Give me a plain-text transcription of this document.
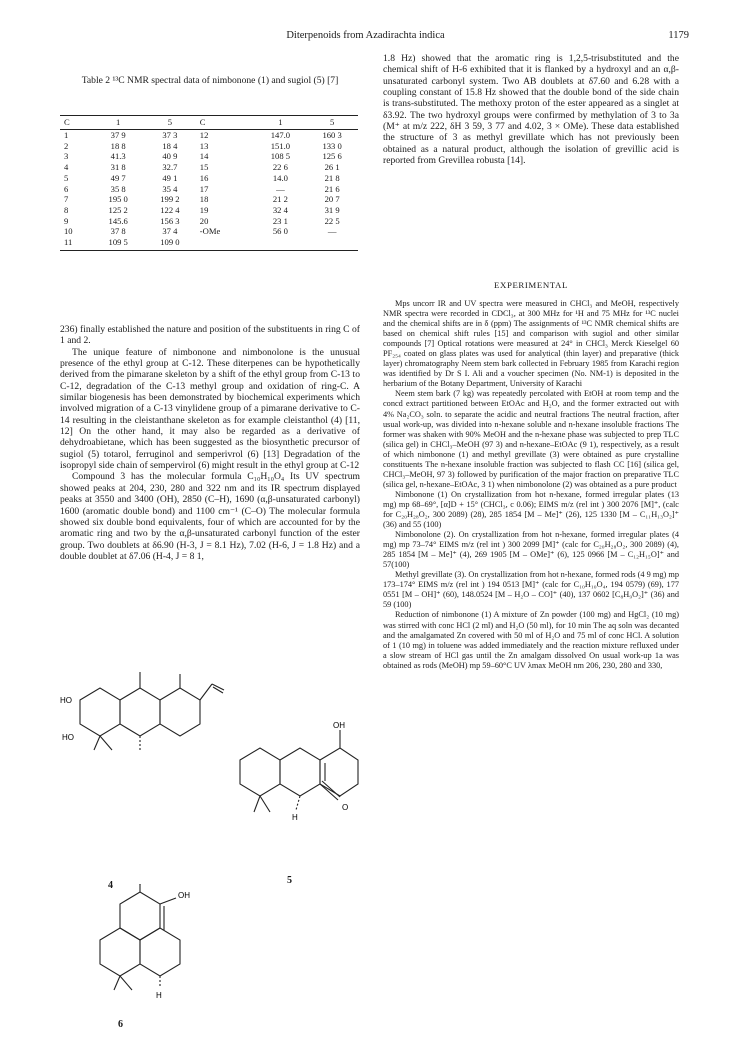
Diterpenoids from Azadirachta indica	1179
Table 2 ¹³C NMR spectral data of nimbonone (1) and sugiol (5) [7]
C	1	5	C	1	5
1	37 9	37 3	12	147.0	160 3
2	18 8	18 4	13	151.0	133 0
3	41.3	40 9	14	108 5	125 6
4	31 8	32.7	15	22 6	26 1
5	49 7	49 1	16	14.0	21 8
6	35 8	35 4	17	—	21 6
7	195 0	199 2	18	21 2	20 7
8	125 2	122 4	19	32 4	31 9
9	145.6	156 3	20	23 1	22 5
10	37 8	37 4	-OMe	56 0	—
11	109 5	109 0			

236) finally established the nature and position of the substituents in ring C of 1 and 2.

The unique feature of nimbonone and nimbonolone is the unusual presence of the ethyl group at C-12. These diterpenes can be hypothetically derived from the pimarane skeleton by a shift of the ethyl group from C-13 to C-12, degradation of the C-13 methyl group and oxidation of ring-C. A similar biogenesis has been demonstrated by biochemical experiments which involved migration of a C-13 vinylidene group of a pimarane derivative to C-14 resulting in the cleistanthane skeleton as for example cleistanthol (4) [11, 12] On the other hand, it may also be regarded as a derivative of dehydroabietane, which has been suggested as the biosynthetic precursor of sugiol (5) totarol, ferruginol and semperivrol (6) [13] Degradation of the isopropyl side chain of sempervirol (6) might result in the ethyl group at C-12

Compound 3 has the molecular formula C₁₀H₁₀O₄ Its UV spectrum showed peaks at 204, 230, 280 and 322 nm and its IR spectrum displayed peaks at 3550 and 3400 (OH), 2850 (C–H), 1690 (α,β-unsaturated carbonyl) 1600 (aromatic double bond) and 1100 cm⁻¹ (C–O) The molecular formula showed six double bond equivalents, four of which are accounted for by the aromatic ring and two by the α,β-unsaturated carbonyl function of the ester group. Two doublets at δ6.90 (H-3, J = 8.1 Hz), 7.02 (H-6, J = 1.8 Hz) and a double doublet at δ7.06 (H-4, J = 8 1,

HO
HO
4
OH
O
H
5
OH
H
6

1.8 Hz) showed that the aromatic ring is 1,2,5-trisubstituted and the chemical shift of H-6 exhibited that it is flanked by a hydroxyl and an α,β-unsaturated carbonyl system. Two AB doublets at δ7.60 and 6.28 with a coupling constant of 15.8 Hz showed that the double bond of the side chain is trans-substituted. The methoxy proton of the ester appeared as a singlet at δ3.92. The two hydroxyl groups were confirmed by methylation of 3 to 3a (M⁺ at m/z 222, δH 3 59, 3 77 and 4.02, 3 × OMe). These data established the structure of 3 as methyl grevillate which has not previously been obtained as a natural product, although the isolation of grevillic acid is reported from Grevillea robusta [14].

EXPERIMENTAL

Mps uncorr IR and UV spectra were measured in CHCl₃ and MeOH, respectively NMR spectra were recorded in CDCl₃, at 300 MHz for ¹H and 75 MHz for ¹³C nuclei and the chemical shifts are in δ (ppm) The assignments of ¹³C NMR chemical shifts are based on chemical shift rules [15] and comparison with sugiol and other similar compounds [7] Optical rotations were measured at 24° in CHCl₃ Merck Kieselgel 60 PF₂₅₄ coated on glass plates was used for analytical (thin layer) and preparative (thick layer) chromatography Neem stem bark collected in February 1985 from Karachi region was identified by Dr S I. Ali and a voucher specimen (No. NM-1) is deposited in the herbarium of the Botany Department, University of Karachi

Neem stem bark (7 kg) was repeatedly percolated with EtOH at room temp and the concd extract partitioned between EtOAc and H₂O, and the former extracted out with 4% Na₂CO₃ soln. to separate the acidic and neutral fractions The neutral fraction, after usual work-up, was divided into n-hexane soluble and n-hexane insoluble fractions The former was shaken with 90% MeOH and the n-hexane phase was subjected to prep TLC (silica gel) in CHCl₃–MeOH (97 3) and n-hexane–EtOAc (9 1), respectively, as a result of which nimbonone (1) and methyl grevillate (3) were obtained as pure crystalline constituents The n-hexane insoluble fraction was subjected to flash CC [16] (silica gel, CHCl₃–MeOH, 97 3) followed by purification of the major fraction on preparative TLC (silica gel, n-hexane–EtOAc, 3 1) when nimbonolone (2) was obtained as a pure product

Nimbonone (1) On crystallization from hot n-hexane, formed irregular plates (13 mg) mp 68–69°, [α]D + 15° (CHCl₃, c 0.06); EIMS m/z (rel int ) 300 2076 [M]⁺, (calc for C₂₀H₂₈O₂, 300 2089) (28), 285 1854 [M – Me]⁺ (26), 125 1330 [M – C₁₁H₁₃O₂]⁺ (36) and 55 (100)

Nimbonolone (2). On crystallization from hot n-hexane, formed irregular plates (4 mg) mp 73–74° EIMS m/z (rel int ) 300 2099 [M]⁺ (calc for C₂₀H₂₈O₂, 300 2089) (4), 285 1854 [M – Me]⁺ (4), 269 1905 [M – OMe]⁺ (6), 125 0966 [M – C₁₂H₁₅O]⁺ and 57(100)

Methyl grevillate (3). On crystallization from hot n-hexane, formed rods (4 9 mg) mp 173–174° EIMS m/z (rel int ) 194 0513 [M]⁺ (calc for C₁₀H₁₀O₄, 194 0579) (69), 177 0551 [M – OH]⁺ (60), 148.0524 [M – H₂O – CO]⁺ (40), 137 0602 [C₈H₉O₂]⁺ (36) and 59 (100)

Reduction of nimbonone (1) A mixture of Zn powder (100 mg) and HgCl₂ (10 mg) was stirred with conc HCl (2 ml) and H₂O (50 ml), for 10 min The aq soln was decanted and the amalgamated Zn covered with 50 ml of H₂O and 75 ml of conc HCl. A solution of 1 (10 mg) in toluene was added immediately and the reaction mixture refluxed under a slow stream of HCl gas until the Zn amalgam dissolved On usual work-up 1a was obtained as rods (MeOH) mp 59–60°C UV λmax MeOH nm 206, 230, 280 and 330,
